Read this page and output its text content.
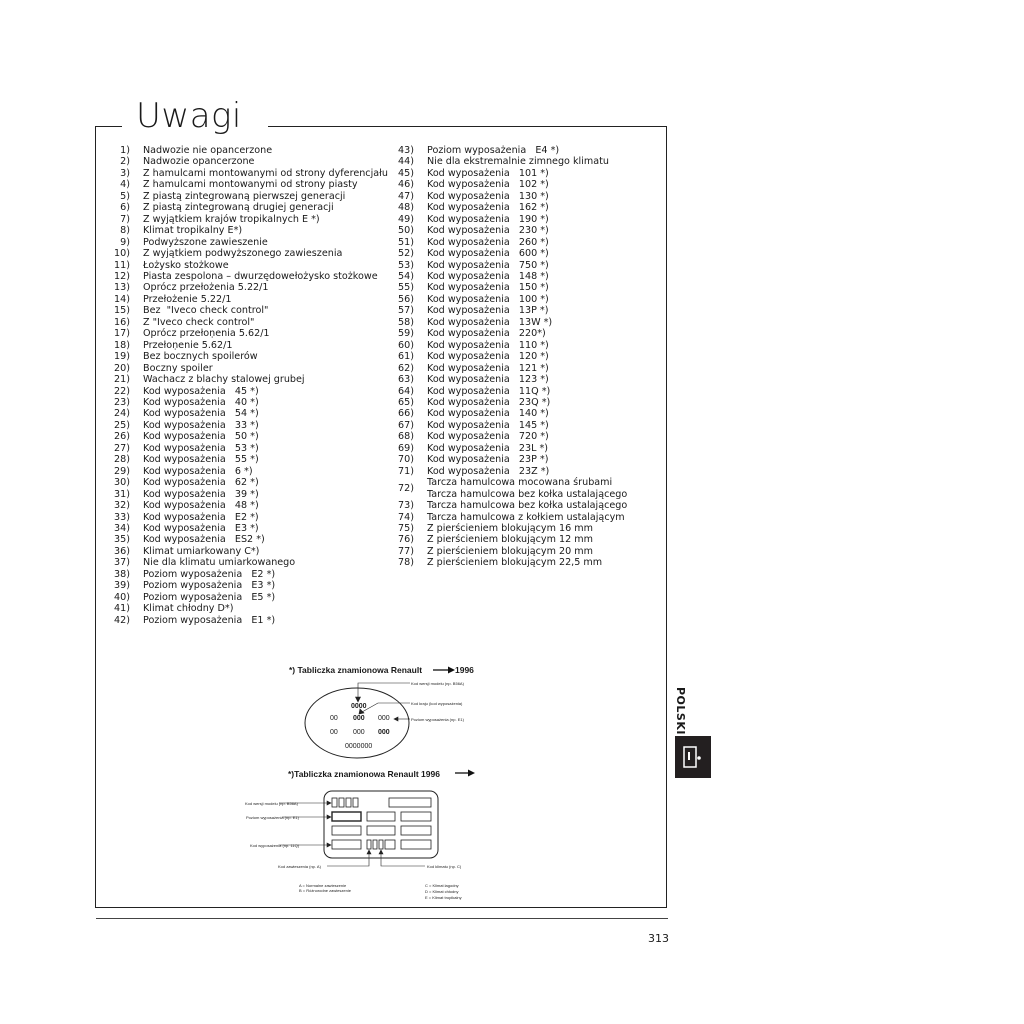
Uwagi
1) Nadwozie nie opancerzone
2) Nadwozie opancerzone
3) Z hamulcami montowanymi od strony dyferencjału
4) Z hamulcami montowanymi od strony piasty
5) Z piastą zintegrowaną pierwszej generacji
6) Z piastą zintegrowaną drugiej generacji
7) Z wyjątkiem krajów tropikalnych E *)
8) Klimat tropikalny E*)
9) Podwyższone zawieszenie
10) Z wyjątkiem podwyższonego zawieszenia
11) Łożysko stożkowe
12) Piasta zespolona – dwurzędowełożysko stożkowe
13) Oprócz przełożenia 5.22/1
14) Przełożenie 5.22/1
15) Bez  "Iveco check control"
16) Z "Iveco check control"
17) Oprócz przełoṇenia 5.62/1
18) Przełoṇenie 5.62/1
19) Bez bocznych spoilerów
20) Boczny spoiler
21) Wachacz z blachy stalowej grubej
22) Kod wyposażenia   45 *)
23) Kod wyposażenia   40 *)
24) Kod wyposażenia   54 *)
25) Kod wyposażenia   33 *)
26) Kod wyposażenia   50 *)
27) Kod wyposażenia   53 *)
28) Kod wyposażenia   55 *)
29) Kod wyposażenia   6 *)
30) Kod wyposażenia   62 *)
31) Kod wyposażenia   39 *)
32) Kod wyposażenia   48 *)
33) Kod wyposażenia   E2 *)
34) Kod wyposażenia   E3 *)
35) Kod wyposażenia   ES2 *)
36) Klimat umiarkowany C*)
37) Nie dla klimatu umiarkowanego
38) Poziom wyposażenia   E2 *)
39) Poziom wyposażenia   E3 *)
40) Poziom wyposażenia   E5 *)
41) Klimat chłodny D*)
42) Poziom wyposażenia   E1 *)
43) Poziom wyposażenia   E4 *)
44) Nie dla ekstremalnie zimnego klimatu
45) Kod wyposażenia   101 *)
46) Kod wyposażenia   102 *)
47) Kod wyposażenia   130 *)
48) Kod wyposażenia   162 *)
49) Kod wyposażenia   190 *)
50) Kod wyposażenia   230 *)
51) Kod wyposażenia   260 *)
52) Kod wyposażenia   600 *)
53) Kod wyposażenia   750 *)
54) Kod wyposażenia   148 *)
55) Kod wyposażenia   150 *)
56) Kod wyposażenia   100 *)
57) Kod wyposażenia   13P *)
58) Kod wyposażenia   13W *)
59) Kod wyposażenia   220*)
60) Kod wyposażenia   110 *)
61) Kod wyposażenia   120 *)
62) Kod wyposażenia   121 *)
63) Kod wyposażenia   123 *)
64) Kod wyposażenia   11Q *)
65) Kod wyposażenia   23Q *)
66) Kod wyposażenia   140 *)
67) Kod wyposażenia   145 *)
68) Kod wyposażenia   720 *)
69) Kod wyposażenia   23L *)
70) Kod wyposażenia   23P *)
71) Kod wyposażenia   23Z *)
72)
Tarcza hamulcowa mocowana śrubami
Tarcza hamulcowa bez kołka ustalającego
73) Tarcza hamulcowa bez kołka ustalającego
74) Tarcza hamulcowa z kołkiem ustalającym
75) Z pierścieniem blokującym 16 mm
76) Z pierścieniem blokującym 12 mm
77) Z pierścieniem blokującym 20 mm
78) Z pierścieniem blokującym 22,5 mm
*) Tabliczka znamionowa Renault	1996
Kod wersji modelu (np. B56A)
Kod kraju (kod wyposażenia)
Poziom wyposażenia (np. E1)
0000
00 000 000
00 000 000
0000000
*)Tabliczka znamionowa Renault 1996
Kod wersji modelu (np. B56A)
Poziom wyposażenia (np. E1)
Kod wyposażenia (np. 11Q)
Kod zawieszenia (np. A)	Kod klimatu (np. C)
A = Normalne zawieszenie
B = Różnorodne zawieszenie
C = Klimat łagodny
D = Klimat chłodny
E = Klimat tropikalny
POLSKI
313
